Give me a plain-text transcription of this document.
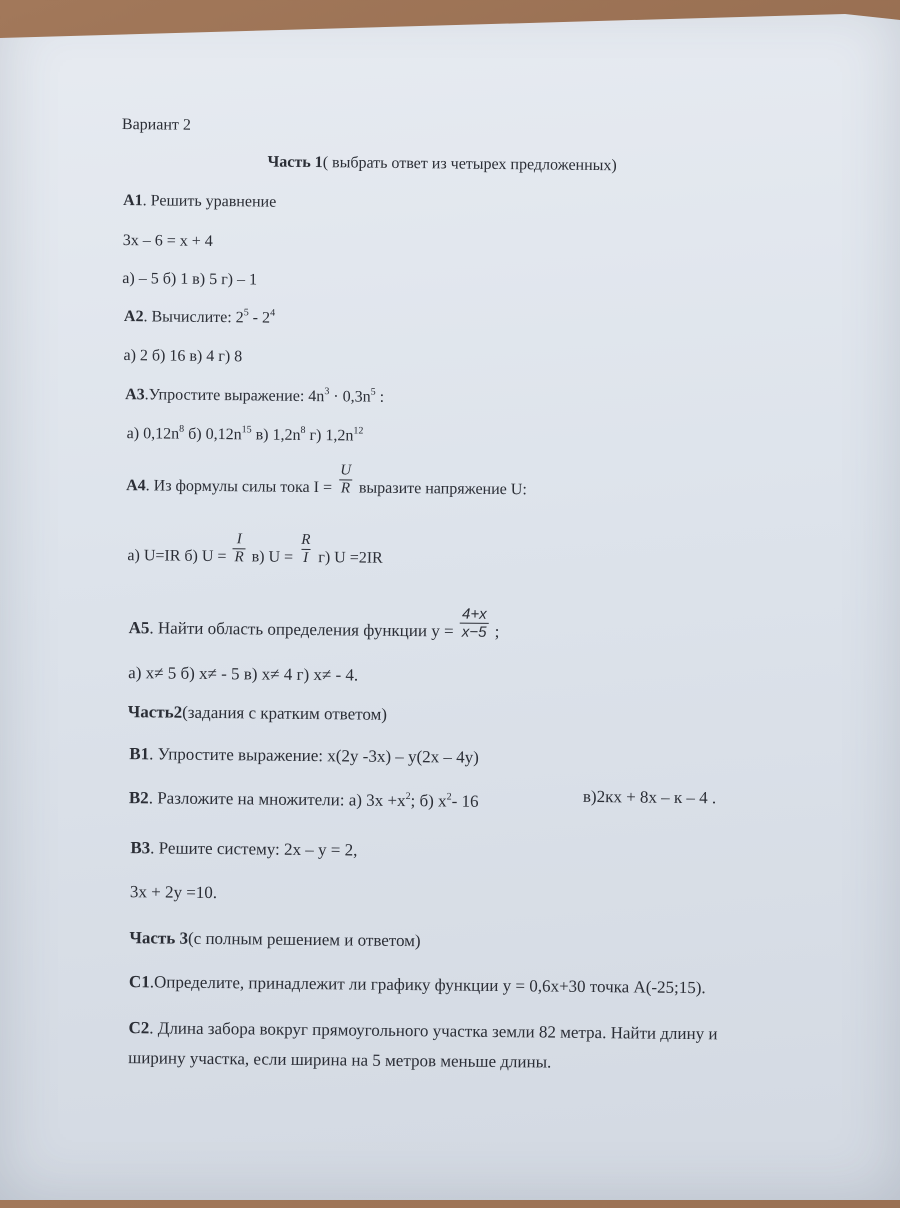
Вариант 2
Часть 1( выбрать ответ из четырех предложенных)
А1. Решить уравнение
3х – 6 = х + 4
а) – 5 б) 1 в) 5 г) – 1
А2. Вычислите: $2^5 - 2^4$
а) 2 б) 16 в) 4 г) 8
А3.Упростите выражение: $4n^3 \cdot 0,3n^5$ :
а) $0,12n^8$ б) $0,12n^{15}$ в) $1,2n^8$ г) $1,2n^{12}$
А4. Из формулы силы тока $I = \frac{U}{R}$ выразите напряжение U:
а) U=IR б) $U = \frac{I}{R} в$) $U = \frac{R}{I} г$) U =2IR
А5. Найти область определения функции $y = \frac{4+x}{x-5}$ ;
а) х≠ 5 б) х≠ - 5 в) х≠ 4 г) х≠ - 4.
Часть2(задания с кратким ответом)
В1. Упростите выражение: х(2у -3х) – у(2х – 4у)
В2. Разложите на множители: а) $3х +х^2$; б) $х^2-$ 16	в)2кх + 8х – к – 4 .
В3. Решите систему: 2х – у = 2,
3х + 2у =10.
Часть 3(с полным решением и ответом)
С1.Определите, принадлежит ли графику функции у = 0,6х+30 точка А(-25;15).
С2. Длина забора вокруг прямоугольного участка земли 82 метра. Найти длину и
ширину участка, если ширина на 5 метров меньше длины.
